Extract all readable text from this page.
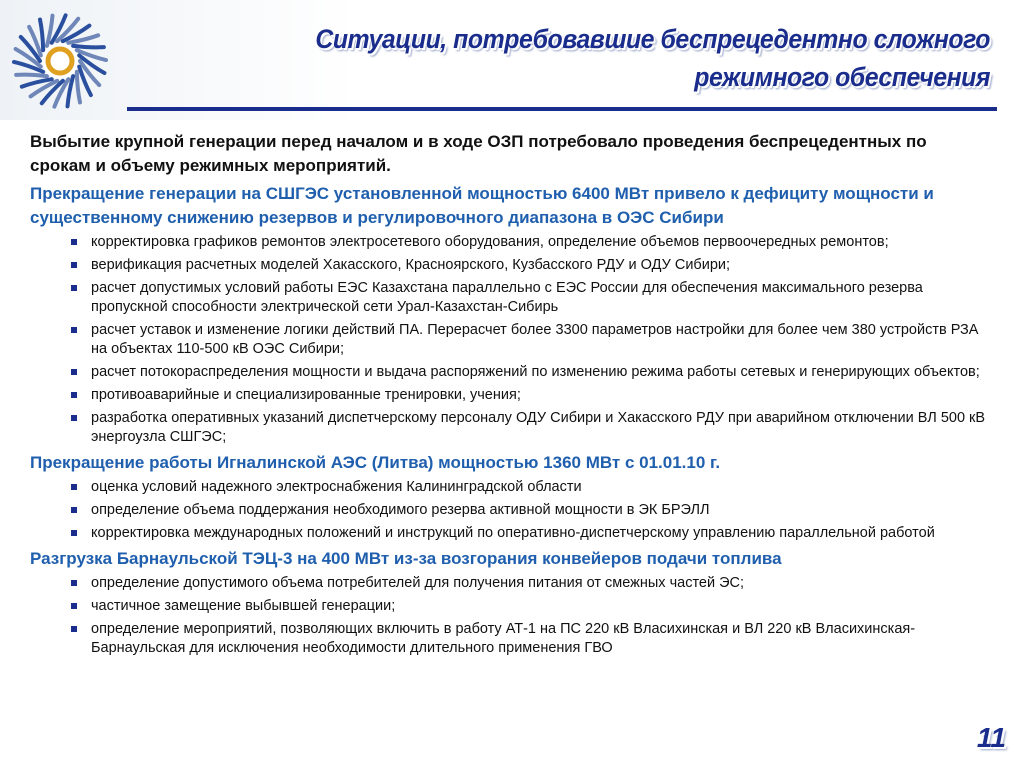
Ситуации, потребовавшие беспрецедентно сложного
режимного обеспечения

Выбытие крупной генерации перед началом и в ходе ОЗП потребовало проведения беспрецедентных по срокам и объему режимных мероприятий.

Прекращение генерации на СШГЭС установленной мощностью 6400 МВт привело к дефициту мощности и существенному снижению резервов и регулировочного диапазона в ОЭС Сибири
корректировка графиков ремонтов электросетевого оборудования, определение объемов первоочередных ремонтов;
верификация расчетных моделей Хакасского, Красноярского, Кузбасского РДУ и ОДУ Сибири;
расчет допустимых условий работы ЕЭС Казахстана параллельно с ЕЭС России для обеспечения максимального резерва пропускной способности электрической сети Урал-Казахстан-Сибирь
расчет уставок и изменение логики действий ПА. Перерасчет более 3300 параметров настройки для более чем 380 устройств РЗА на объектах 110-500 кВ ОЭС Сибири;
расчет потокораспределения мощности и выдача распоряжений по изменению режима работы сетевых и генерирующих объектов;
противоаварийные и специализированные тренировки, учения;
разработка оперативных указаний диспетчерскому персоналу ОДУ Сибири и Хакасского РДУ при аварийном отключении ВЛ 500 кВ энергоузла СШГЭС;
Прекращение работы Игналинской АЭС (Литва) мощностью 1360 МВт с 01.01.10 г.
оценка условий надежного электроснабжения Калининградской области
определение объема поддержания необходимого резерва активной мощности в ЭК БРЭЛЛ
корректировка международных положений и инструкций по оперативно-диспетчерскому управлению параллельной работой
Разгрузка Барнаульской ТЭЦ-3 на 400 МВт из-за возгорания конвейеров подачи топлива
определение допустимого объема потребителей для получения питания от смежных частей ЭС;
частичное замещение выбывшей генерации;
определение мероприятий, позволяющих включить в работу АТ-1 на ПС 220 кВ Власихинская и ВЛ 220 кВ Власихинская-Барнаульская для исключения необходимости длительного применения ГВО
11
